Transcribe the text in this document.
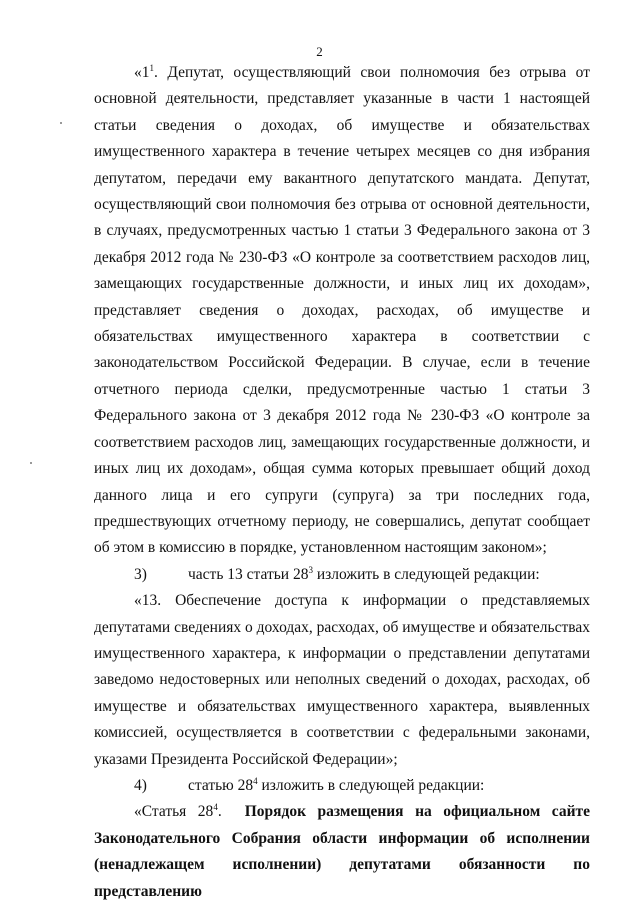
2

«$1^1$. Депутат, осуществляющий свои полномочия без отрыва от основной деятельности, представляет указанные в части 1 настоящей статьи сведения о доходах, об имуществе и обязательствах имущественного характера в течение четырех месяцев со дня избрания депутатом, передачи ему вакантного депутатского мандата. Депутат, осуществляющий свои полномочия без отрыва от основной деятельности, в случаях, предусмотренных частью 1 статьи 3 Федерального закона от 3 декабря 2012 года № 230-ФЗ «О контроле за соответствием расходов лиц, замещающих государственные должности, и иных лиц их доходам», представляет сведения о доходах, расходах, об имуществе и обязательствах имущественного характера в соответствии с законодательством Российской Федерации. В случае, если в течение отчетного периода сделки, предусмотренные частью 1 статьи 3 Федерального закона от 3 декабря 2012 года № 230-ФЗ «О контроле за соответствием расходов лиц, замещающих государственные должности, и иных лиц их доходам», общая сумма которых превышает общий доход данного лица и его супруги (супруга) за три последних года, предшествующих отчетному периоду, не совершались, депутат сообщает об этом в комиссию в порядке, установленном настоящим законом»;

3)	часть 13 статьи $28^3$ изложить в следующей редакции:

«13. Обеспечение доступа к информации о представляемых депутатами сведениях о доходах, расходах, об имуществе и обязательствах имущественного характера, к информации о представлении депутатами заведомо недостоверных или неполных сведений о доходах, расходах, об имуществе и обязательствах имущественного характера, выявленных комиссией, осуществляется в соответствии с федеральными законами, указами Президента Российской Федерации»;

4)	статью $28^4$ изложить в следующей редакции:

«Статья $28^4$. Порядок размещения на официальном сайте Законодательного Собрания области информации об исполнении (ненадлежащем исполнении) депутатами обязанности по представлению
